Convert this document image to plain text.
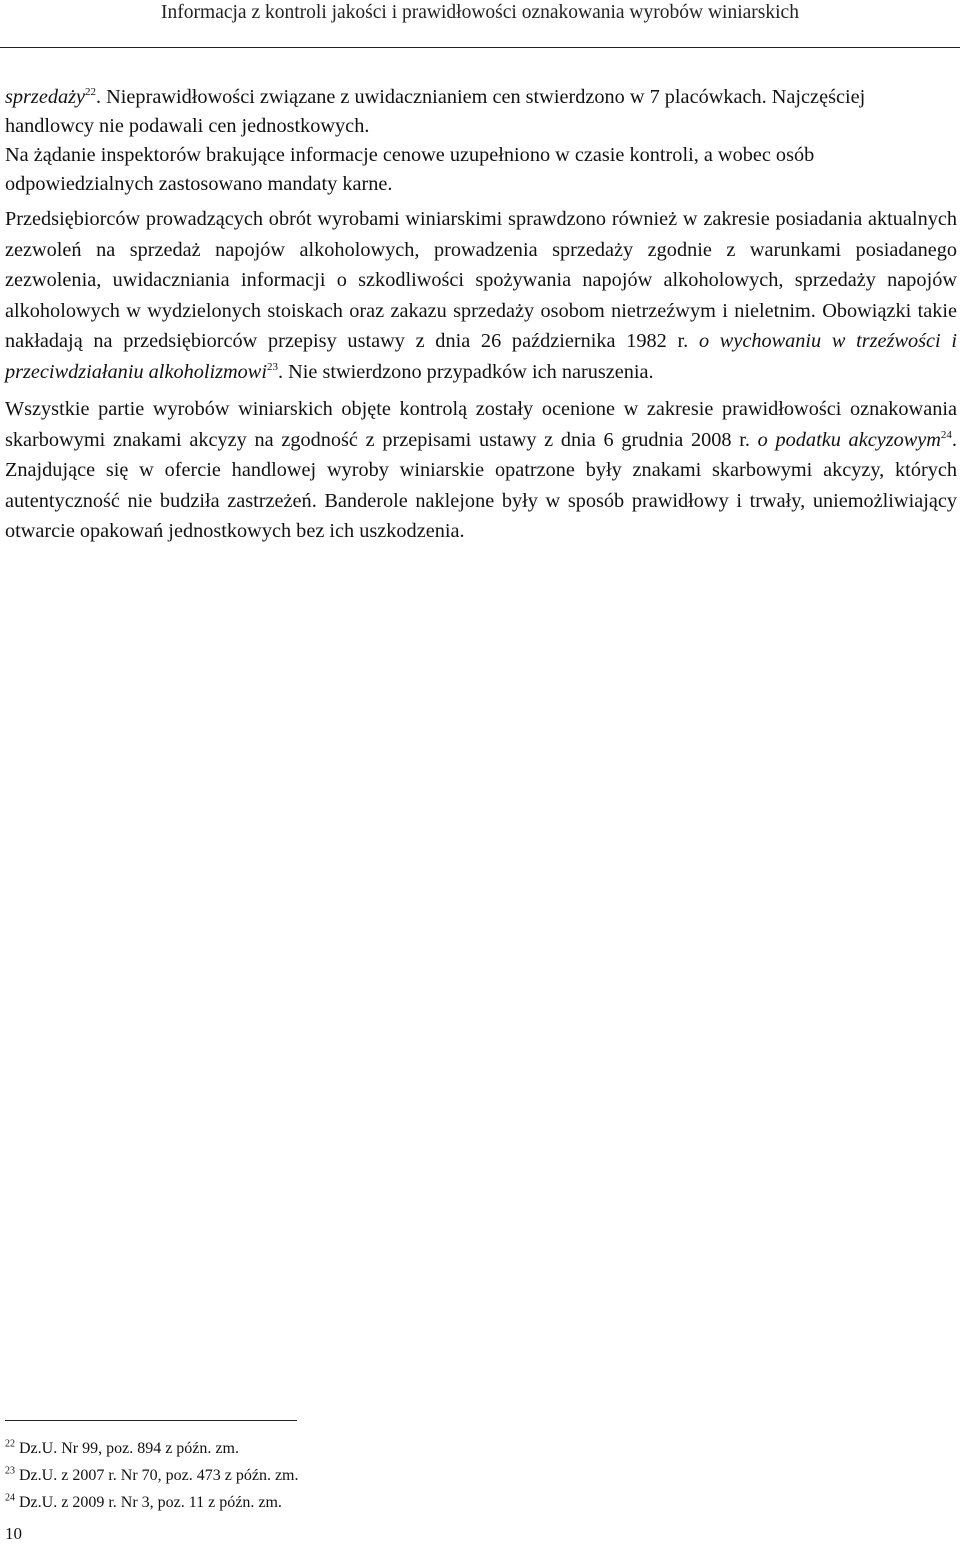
Informacja z kontroli jakości i prawidłowości oznakowania wyrobów winiarskich

sprzedaży$^{22}$. Nieprawidłowości związane z uwidacznianiem cen stwierdzono w 7 placówkach. Najczęściej handlowcy nie podawali cen jednostkowych.

Na żądanie inspektorów brakujące informacje cenowe uzupełniono w czasie kontroli, a wobec osób odpowiedzialnych zastosowano mandaty karne.

Przedsiębiorców prowadzących obrót wyrobami winiarskimi sprawdzono również w zakresie posiadania aktualnych zezwoleń na sprzedaż napojów alkoholowych, prowadzenia sprzedaży zgodnie z warunkami posiadanego zezwolenia, uwidaczniania informacji o szkodliwości spożywania napojów alkoholowych, sprzedaży napojów alkoholowych w wydzielonych stoiskach oraz zakazu sprzedaży osobom nietrzeźwym i nieletnim. Obowiązki takie nakładają na przedsiębiorców przepisy ustawy z dnia 26 października 1982 r. o wychowaniu w trzeźwości i przeciwdziałaniu alkoholizmowi$^{23}$. Nie stwierdzono przypadków ich naruszenia.

Wszystkie partie wyrobów winiarskich objęte kontrolą zostały ocenione w zakresie prawidłowości oznakowania skarbowymi znakami akcyzy na zgodność z przepisami ustawy z dnia 6 grudnia 2008 r. o podatku akcyzowym$^{24}$. Znajdujące się w ofercie handlowej wyroby winiarskie opatrzone były znakami skarbowymi akcyzy, których autentyczność nie budziła zastrzeżeń. Banderole naklejone były w sposób prawidłowy i trwały, uniemożliwiający otwarcie opakowań jednostkowych bez ich uszkodzenia.

$^{22}$ Dz.U. Nr 99, poz. 894 z późn. zm.

$^{23}$ Dz.U. z 2007 r. Nr 70, poz. 473 z późn. zm.

$^{24}$ Dz.U. z 2009 r. Nr 3, poz. 11 z późn. zm.

10
